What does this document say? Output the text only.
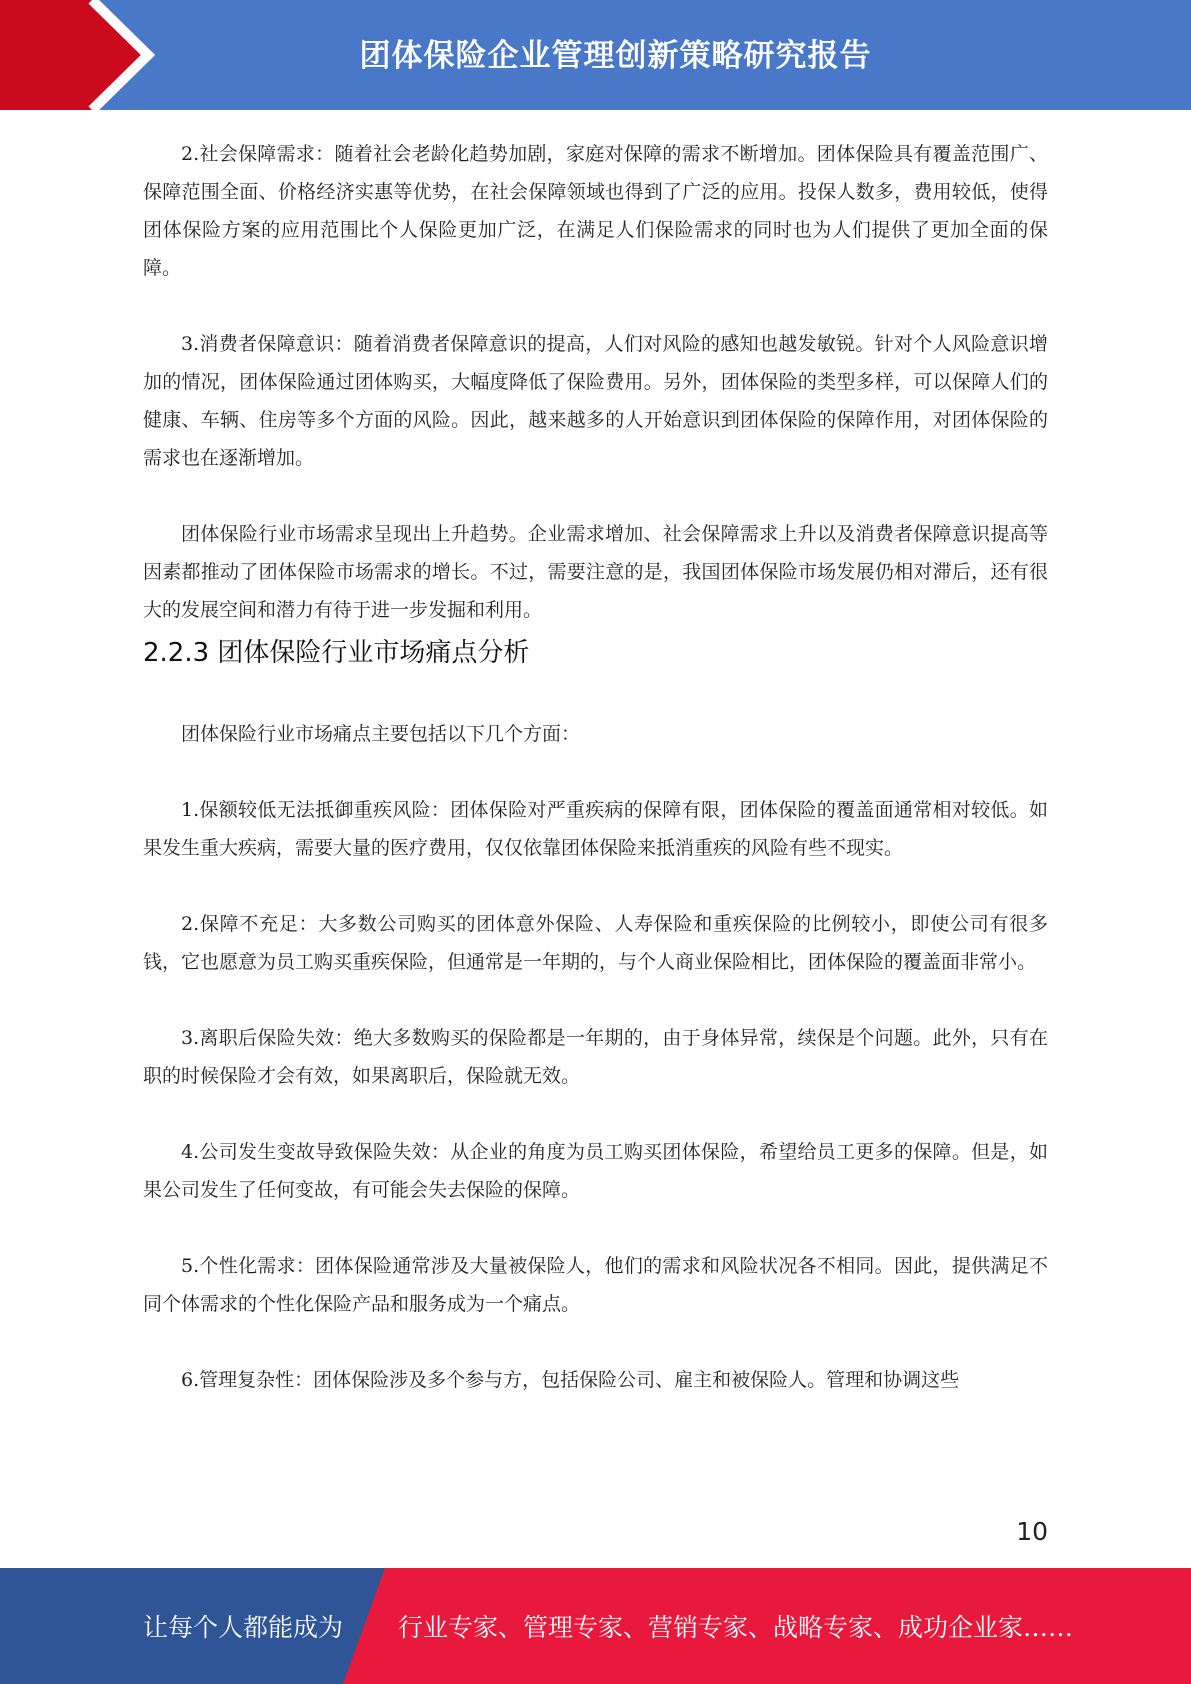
团体保险企业管理创新策略研究报告

2.社会保障需求：随着社会老龄化趋势加剧，家庭对保障的需求不断增加。团体保险具有覆盖范围广、保障范围全面、价格经济实惠等优势，在社会保障领域也得到了广泛的应用。投保人数多，费用较低，使得团体保险方案的应用范围比个人保险更加广泛，在满足人们保险需求的同时也为人们提供了更加全面的保障。

3.消费者保障意识：随着消费者保障意识的提高，人们对风险的感知也越发敏锐。针对个人风险意识增加的情况，团体保险通过团体购买，大幅度降低了保险费用。另外，团体保险的类型多样，可以保障人们的健康、车辆、住房等多个方面的风险。因此，越来越多的人开始意识到团体保险的保障作用，对团体保险的需求也在逐渐增加。

团体保险行业市场需求呈现出上升趋势。企业需求增加、社会保障需求上升以及消费者保障意识提高等因素都推动了团体保险市场需求的增长。不过，需要注意的是，我国团体保险市场发展仍相对滞后，还有很大的发展空间和潜力有待于进一步发掘和利用。

2.2.3 团体保险行业市场痛点分析

团体保险行业市场痛点主要包括以下几个方面：

1.保额较低无法抵御重疾风险：团体保险对严重疾病的保障有限，团体保险的覆盖面通常相对较低。如果发生重大疾病，需要大量的医疗费用，仅仅依靠团体保险来抵消重疾的风险有些不现实。

2.保障不充足：大多数公司购买的团体意外保险、人寿保险和重疾保险的比例较小，即使公司有很多钱，它也愿意为员工购买重疾保险，但通常是一年期的，与个人商业保险相比，团体保险的覆盖面非常小。

3.离职后保险失效：绝大多数购买的保险都是一年期的，由于身体异常，续保是个问题。此外，只有在职的时候保险才会有效，如果离职后，保险就无效。

4.公司发生变故导致保险失效：从企业的角度为员工购买团体保险，希望给员工更多的保障。但是，如果公司发生了任何变故，有可能会失去保险的保障。

5.个性化需求：团体保险通常涉及大量被保险人，他们的需求和风险状况各不相同。因此，提供满足不同个体需求的个性化保险产品和服务成为一个痛点。

6.管理复杂性：团体保险涉及多个参与方，包括保险公司、雇主和被保险人。管理和协调这些

10
让每个人都能成为 行业专家、管理专家、营销专家、战略专家、成功企业家……
